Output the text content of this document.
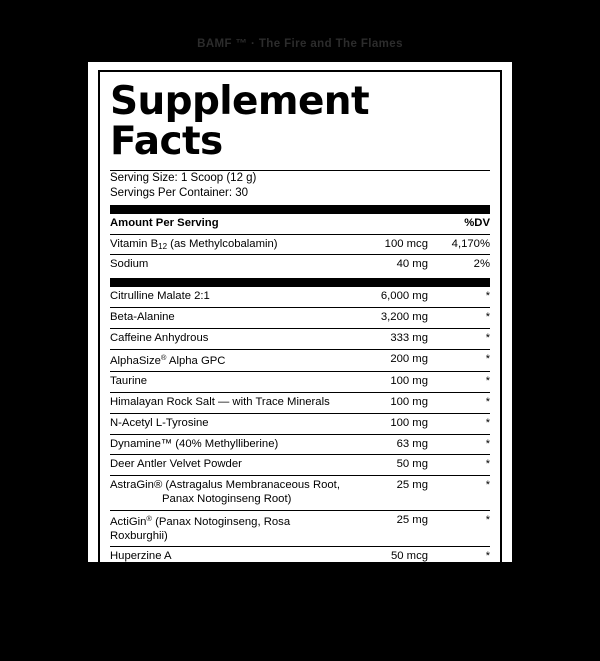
BAMF ™ · The Fire and The Flames
Supplement Facts
Serving Size: 1 Scoop (12 g)
Servings Per Container: 30
Amount Per Serving		%DV
Vitamin $B_{12}$ (as Methylcobalamin)	100 mcg	4,170%
Sodium	40 mg	2%
Citrulline Malate 2:1	6,000 mg	*
Beta-Alanine	3,200 mg	*
Caffeine Anhydrous	333 mg	*
AlphaSize® Alpha GPC	200 mg	*
Taurine	100 mg	*
Himalayan Rock Salt — with Trace Minerals	100 mg	*
N-Acetyl L-Tyrosine	100 mg	*
Dynamine™ (40% Methylliberine)	63 mg	*
Deer Antler Velvet Powder	50 mg	*
AstraGin® (Astragalus Membranaceous Root,
Panax Notoginseng Root)	25 mg	*
ActiGin® (Panax Notoginseng, Rosa Roxburghii)	25 mg	*
Huperzine A	50 mcg	*
Percent Daily Value (DV) is based on a 2,000 calorie diet
* Daily Value not established
Other Ingredients: Natural & Artificial Flavors, Silicon Dioxide, Calcium Silicate,
Sucralose, Malic Acid, Beet Root Powder (for color)
